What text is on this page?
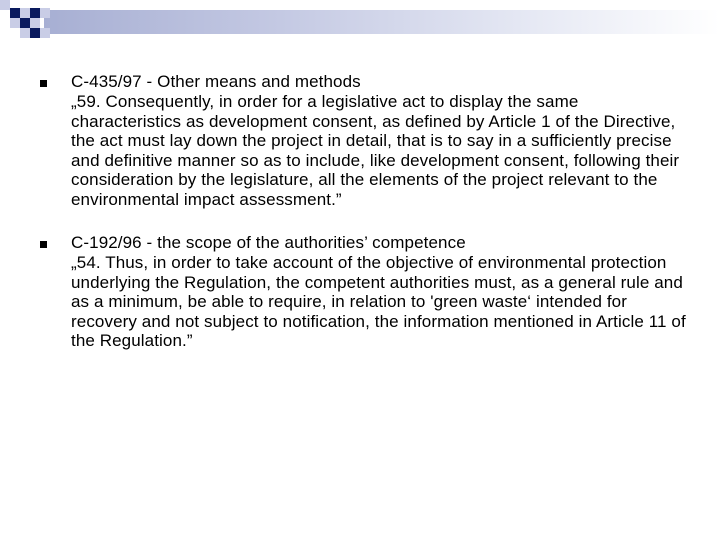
C-435/97 - Other means and methods
„59. Consequently, in order for a legislative act to display the same characteristics as development consent, as defined by Article 1 of the Directive, the act must lay down the project in detail, that is to say in a sufficiently precise and definitive manner so as to include, like development consent, following their consideration by the legislature, all the elements of the project relevant to the environmental impact assessment.”
C-192/96 - the scope of the authorities’ competence
„54. Thus, in order to take account of the objective of environmental protection underlying the Regulation, the competent authorities must, as a general rule and as a minimum, be able to require, in relation to 'green waste‘ intended for recovery and not subject to notification, the information mentioned in Article 11 of the Regulation.”
